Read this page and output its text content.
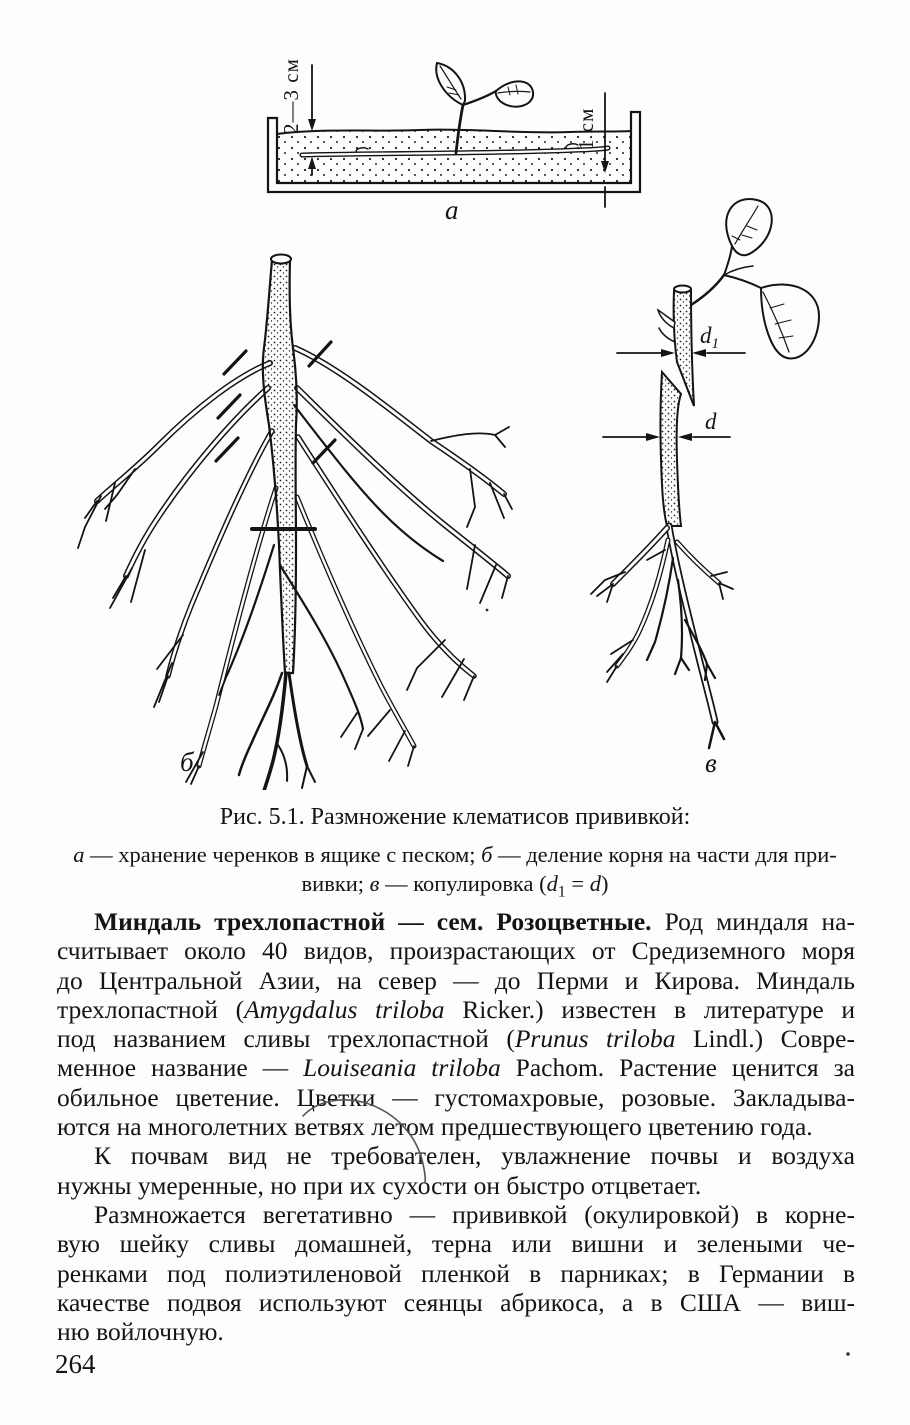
2—3 см	1 см
а
б
$d_1$
d
в
Рис. 5.1. Размножение клематисов прививкой:
а — хранение черенков в ящике с песком; б — деление корня на части для при-
вивки; в — копулировка $(d_1 = d)$
Миндаль трехлопастной — сем. Розоцветные. Род миндаля на-
считывает около 40 видов, произрастающих от Средиземного моря
до Центральной Азии, на север — до Перми и Кирова. Миндаль
трехлопастной (Amygdalus triloba Ricker.) известен в литературе и
под названием сливы трехлопастной (Prunus triloba Lindl.) Совре-
менное название — Louiseania triloba Pachom. Растение ценится за
обильное цветение. Цветки — густомахровые, розовые. Закладыва-
ются на многолетних ветвях летом предшествующего цветению года.
К почвам вид не требователен, увлажнение почвы и воздуха
нужны умеренные, но при их сухости он быстро отцветает.
Размножается вегетативно — прививкой (окулировкой) в корне-
вую шейку сливы домашней, терна или вишни и зелеными че-
ренками под полиэтиленовой пленкой в парниках; в Германии в
качестве подвоя используют сеянцы абрикоса, а в США — виш-
ню войлочную.
264
